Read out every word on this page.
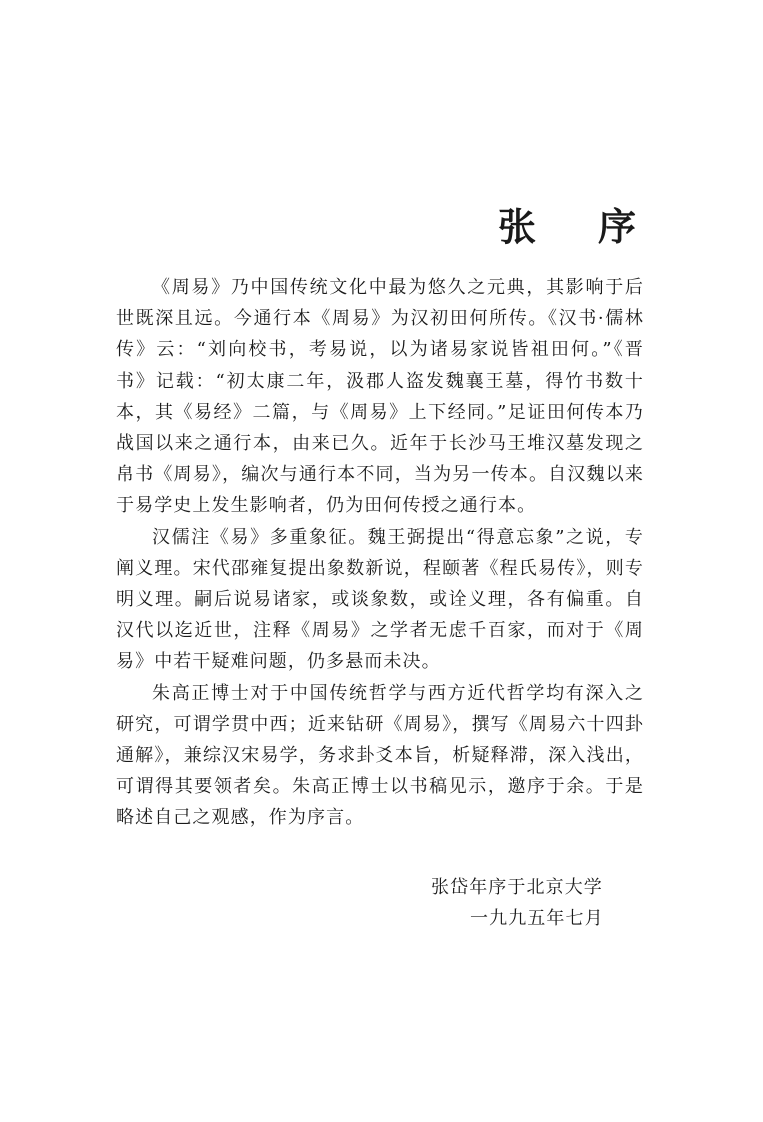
张 序

《周易》乃中国传统文化中最为悠久之元典，其影响于后世既深且远。今通行本《周易》为汉初田何所传。《汉书·儒林传》云：“刘向校书，考易说，以为诸易家说皆祖田何。”《晋书》记载：“初太康二年，汲郡人盗发魏襄王墓，得竹书数十本，其《易经》二篇，与《周易》上下经同。”足证田何传本乃战国以来之通行本，由来已久。近年于长沙马王堆汉墓发现之帛书《周易》，编次与通行本不同，当为另一传本。自汉魏以来于易学史上发生影响者，仍为田何传授之通行本。

汉儒注《易》多重象征。魏王弼提出“得意忘象”之说，专阐义理。宋代邵雍复提出象数新说，程颐著《程氏易传》，则专明义理。嗣后说易诸家，或谈象数，或诠义理，各有偏重。自汉代以迄近世，注释《周易》之学者无虑千百家，而对于《周易》中若干疑难问题，仍多悬而未决。

朱高正博士对于中国传统哲学与西方近代哲学均有深入之研究，可谓学贯中西；近来钻研《周易》，撰写《周易六十四卦通解》，兼综汉宋易学，务求卦爻本旨，析疑释滞，深入浅出，可谓得其要领者矣。朱高正博士以书稿见示，邀序于余。于是略述自己之观感，作为序言。

张岱年序于北京大学
一九九五年七月
